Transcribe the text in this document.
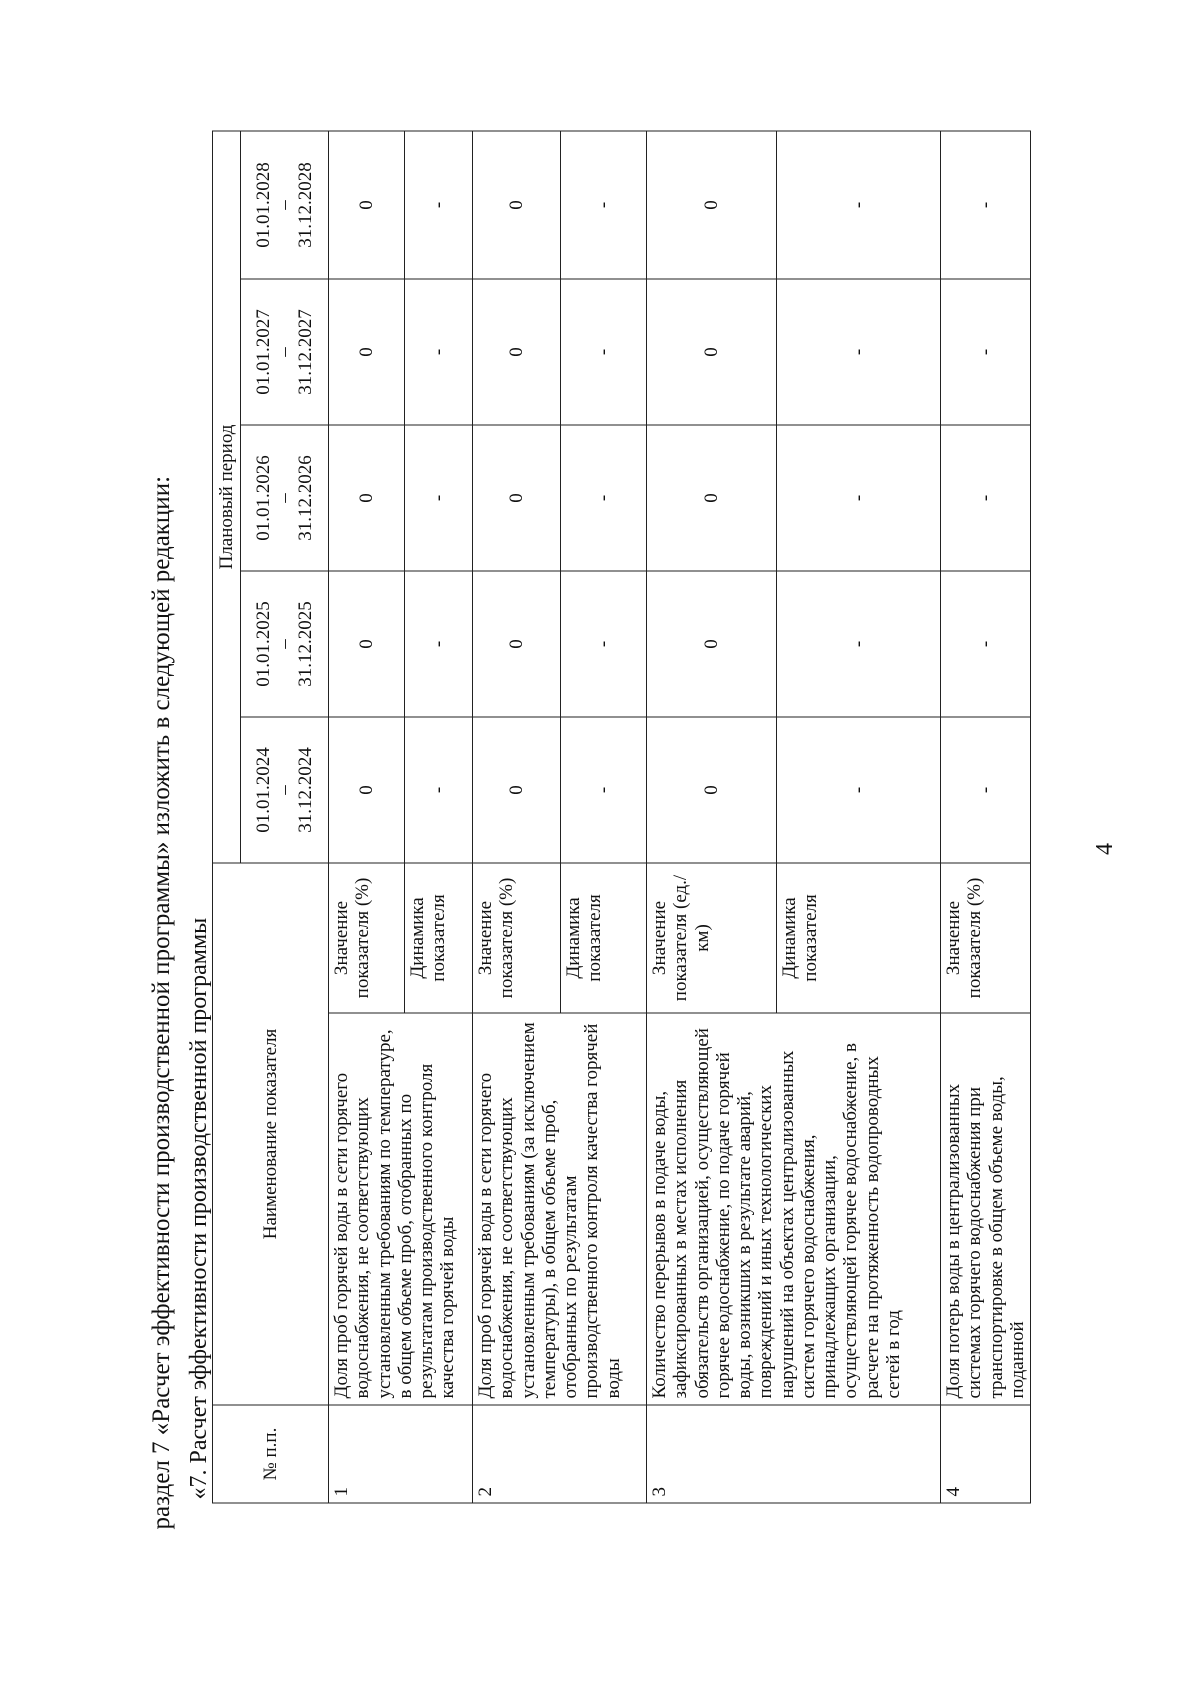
4
раздел 7 «Расчет эффективности производственной программы» изложить в следующей редакции: «7. Расчет эффективности производственной программы	№ п.п.	Наименование показателя		Плановый период				

			01.01.2024 – 31.12.2024	01.01.2025 – 31.12.2025	01.01.2026 – 31.12.2026	01.01.2027 – 31.12.2027	01.01.2028 – 31.12.2028

1	Доля проб горячей воды в сети горячего водоснабжения, не соответствующих установленным требованиям по температуре, в общем объеме проб, отобранных по результатам производственного контроля качества горячей воды	Значение показателя (%)	0	0	0	0	0
		Динамика показателя	-	-	-	-	-
2	Доля проб горячей воды в сети горячего водоснабжения, не соответствующих установленным требованиям (за исключением температуры), в общем объеме проб, отобранных по результатам производственного контроля качества горячей воды	Значение показателя (%)	0	0	0	0	0
		Динамика показателя	-	-	-	-	-
3	Количество перерывов в подаче воды, зафиксированных в местах исполнения обязательств организацией, осуществляющей горячее водоснабжение, по подаче горячей воды, возникших в результате аварий, повреждений и иных технологических нарушений на объектах централизованных систем горячего водоснабжения, принадлежащих организации, осуществляющей горячее водоснабжение, в расчете на протяженность водопроводных сетей в год	Значение показателя (ед./км)	0	0	0	0	0
		Динамика показателя	-	-	-	-	-
4	Доля потерь воды в централизованных системах горячего водоснабжения при транспортировке в общем объеме воды, поданной	Значение показателя (%)	-	-	-	-	-
